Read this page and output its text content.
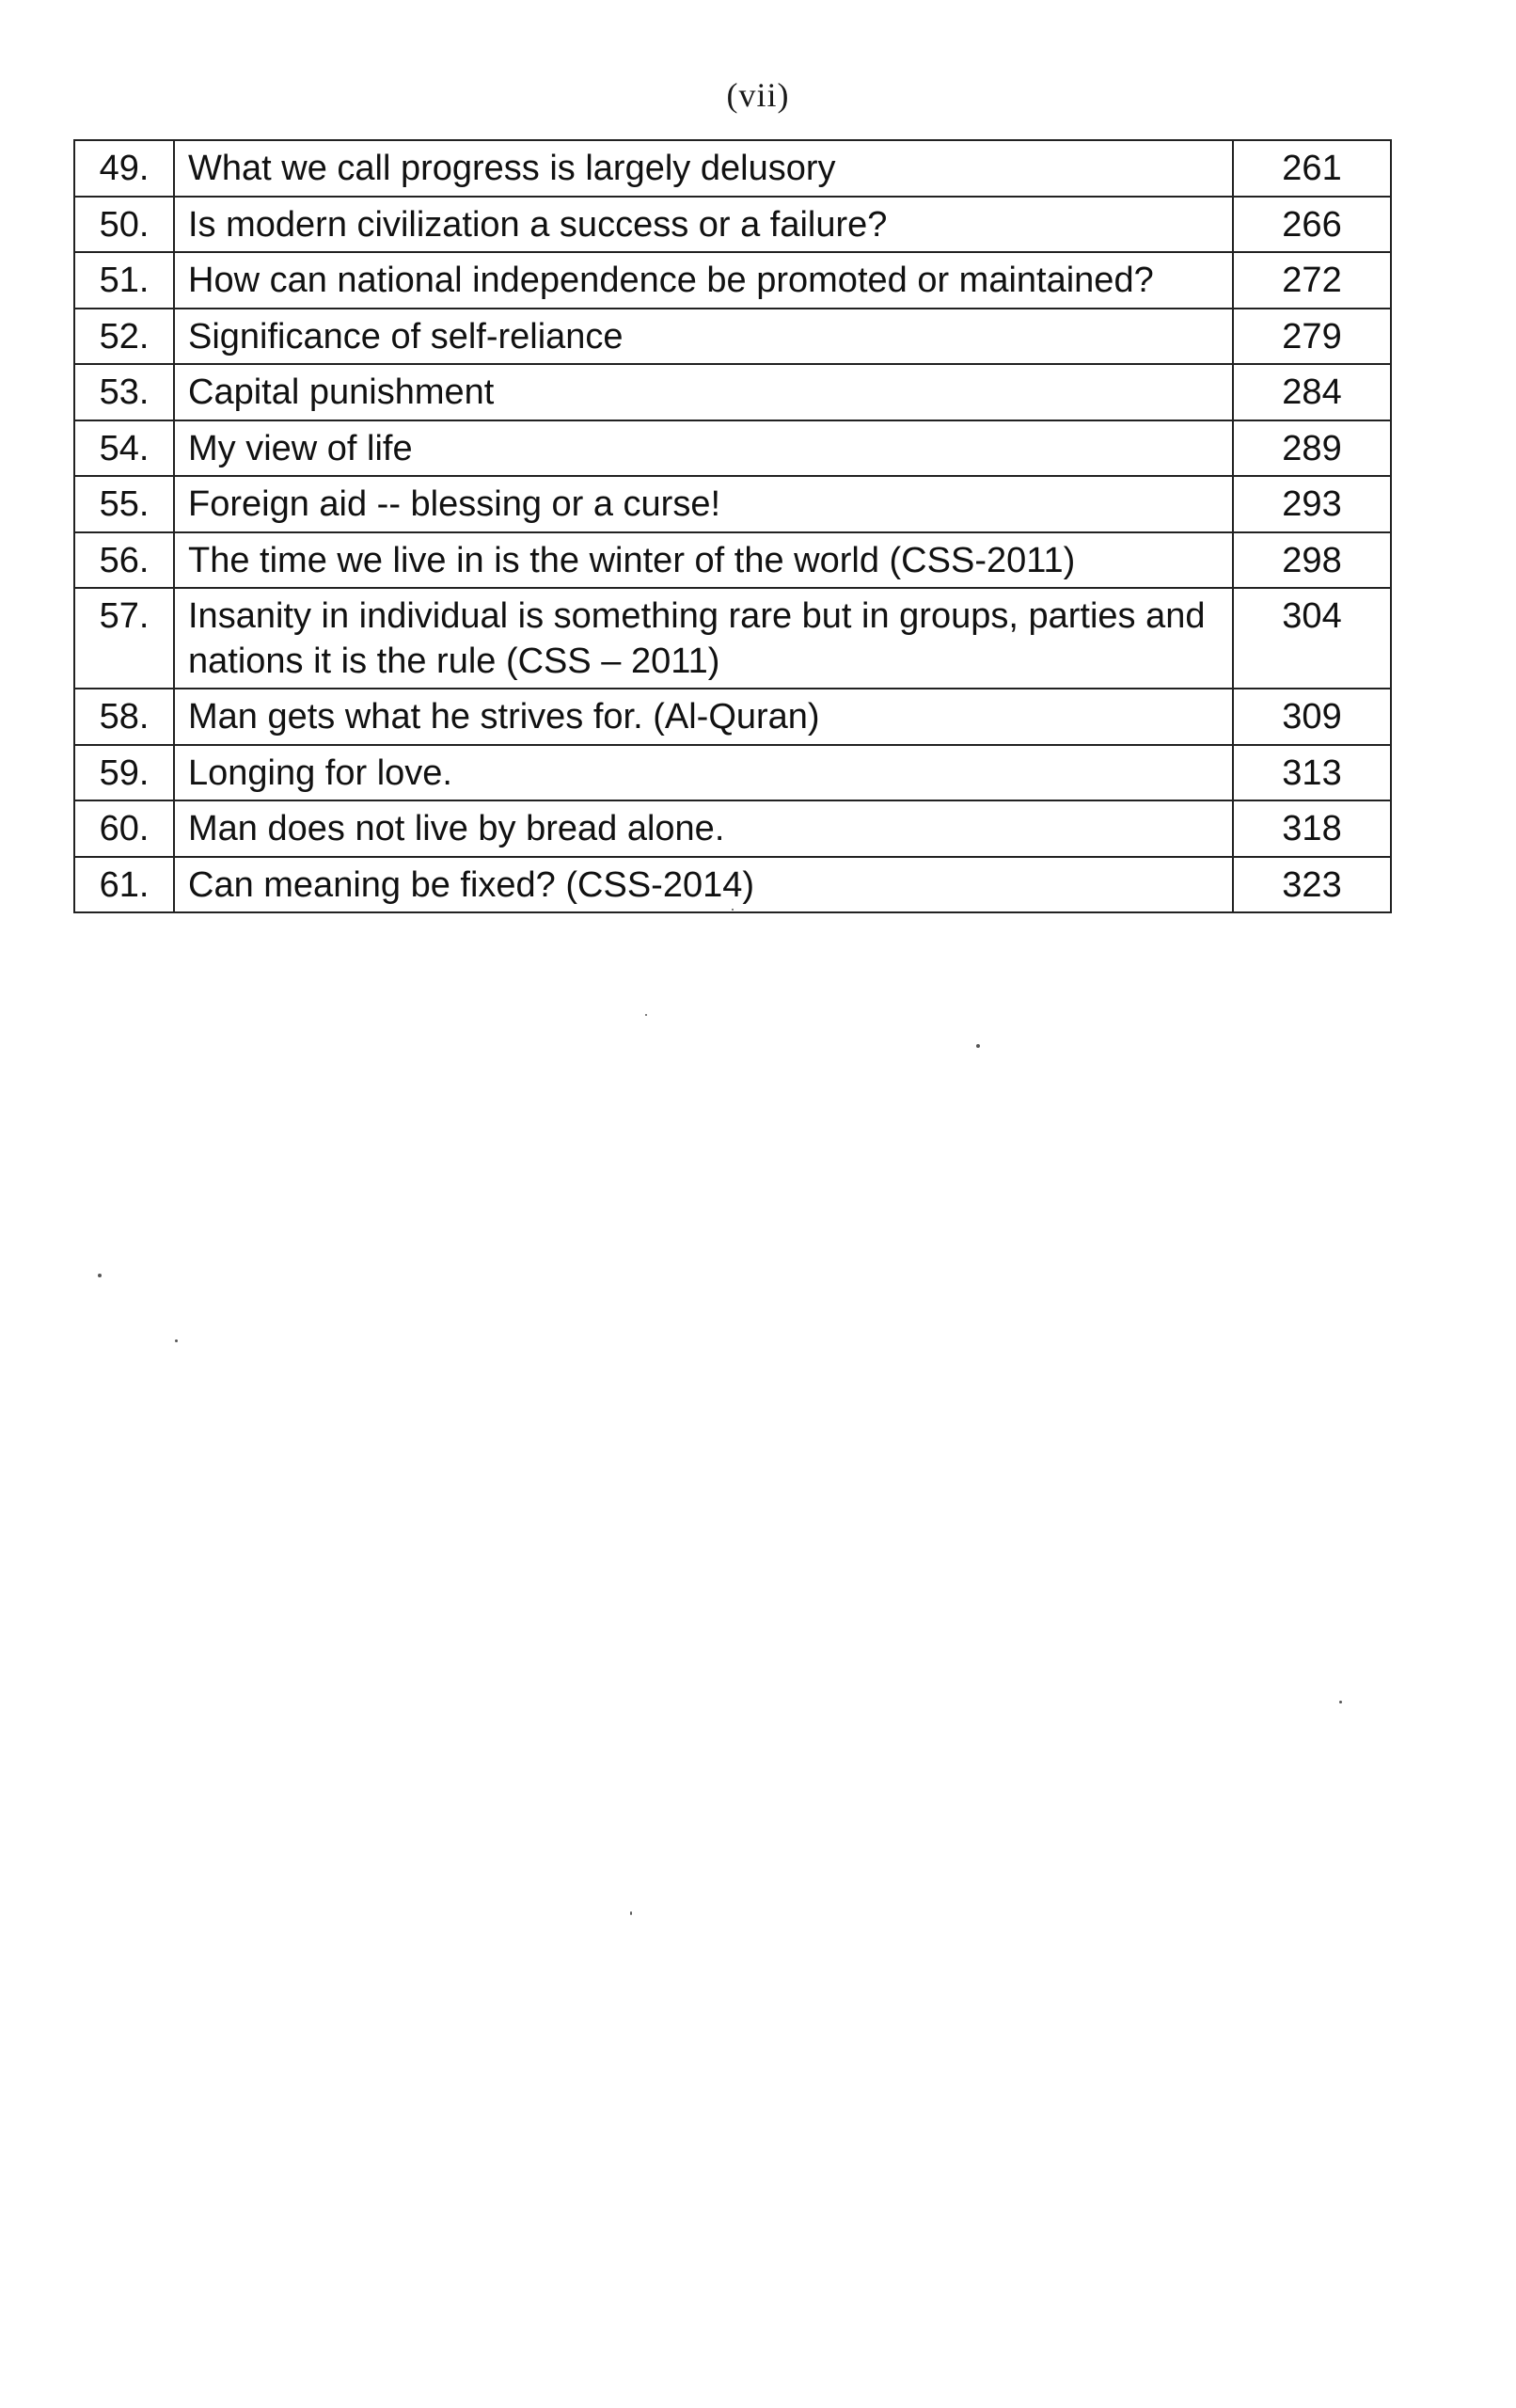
(vii)
49.	What we call progress is largely delusory	261
50.	Is modern civilization a success or a failure?	266
51.	How can national independence be promoted or maintained?	272
52.	Significance of self-reliance	279
53.	Capital punishment	284
54.	My view of life	289
55.	Foreign aid -- blessing or a curse!	293
56.	The time we live in is the winter of the world (CSS-2011)	298
57.	Insanity in individual is something rare but in groups, parties and nations it is the rule (CSS – 2011)	304
58.	Man gets what he strives for. (Al-Quran)	309
59.	Longing for love.	313
60.	Man does not live by bread alone.	318
61.	Can meaning be fixed? (CSS-2014)	323
